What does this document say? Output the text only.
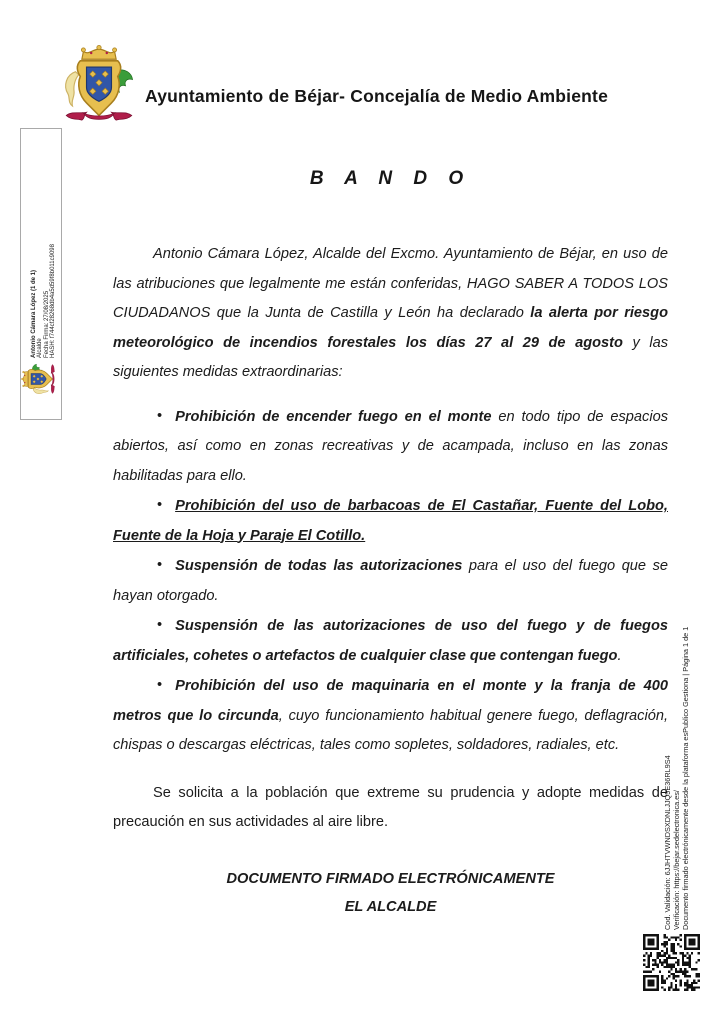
Ayuntamiento de Béjar- Concejalía de Medio Ambiente
B A N D O

Antonio Cámara López, Alcalde del Excmo. Ayuntamiento de Béjar, en uso de las atribuciones que legalmente me están conferidas, HAGO SABER A TODOS LOS CIUDADANOS que la Junta de Castilla y León ha declarado la alerta por riesgo meteorológico de incendios forestales los días 27 al 29 de agosto y las siguientes medidas extraordinarias:

• Prohibición de encender fuego en el monte en todo tipo de espacios abiertos, así como en zonas recreativas y de acampada, incluso en las zonas habilitadas para ello.
• Prohibición del uso de barbacoas de El Castañar, Fuente del Lobo, Fuente de la Hoja y Paraje El Cotillo.
• Suspensión de todas las autorizaciones para el uso del fuego que se hayan otorgado.
• Suspensión de las autorizaciones de uso del fuego y de fuegos artificiales, cohetes o artefactos de cualquier clase que contengan fuego.
• Prohibición del uso de maquinaria en el monte y la franja de 400 metros que lo circunda, cuyo funcionamiento habitual genere fuego, deflagración, chispas o descargas eléctricas, tales como sopletes, soldadores, radiales, etc.

Se solicita a la población que extreme su prudencia y adopte medidas de precaución en sus actividades al aire libre.

DOCUMENTO FIRMADO ELECTRÓNICAMENTE
EL ALCALDE
Antonio Cámara López (1 de 1) Alcalde Fecha Firma: 27/08/2025 HASH: f744cf28268db4a5d59f8b011c9098
Cod. Validación: 6JJHTVWNDSXDNLJJQ5E36RL9S4 Verificación: https://bejar.sedelectronica.es/ Documento firmado electrónicamente desde la plataforma esPublico Gestiona | Página 1 de 1
